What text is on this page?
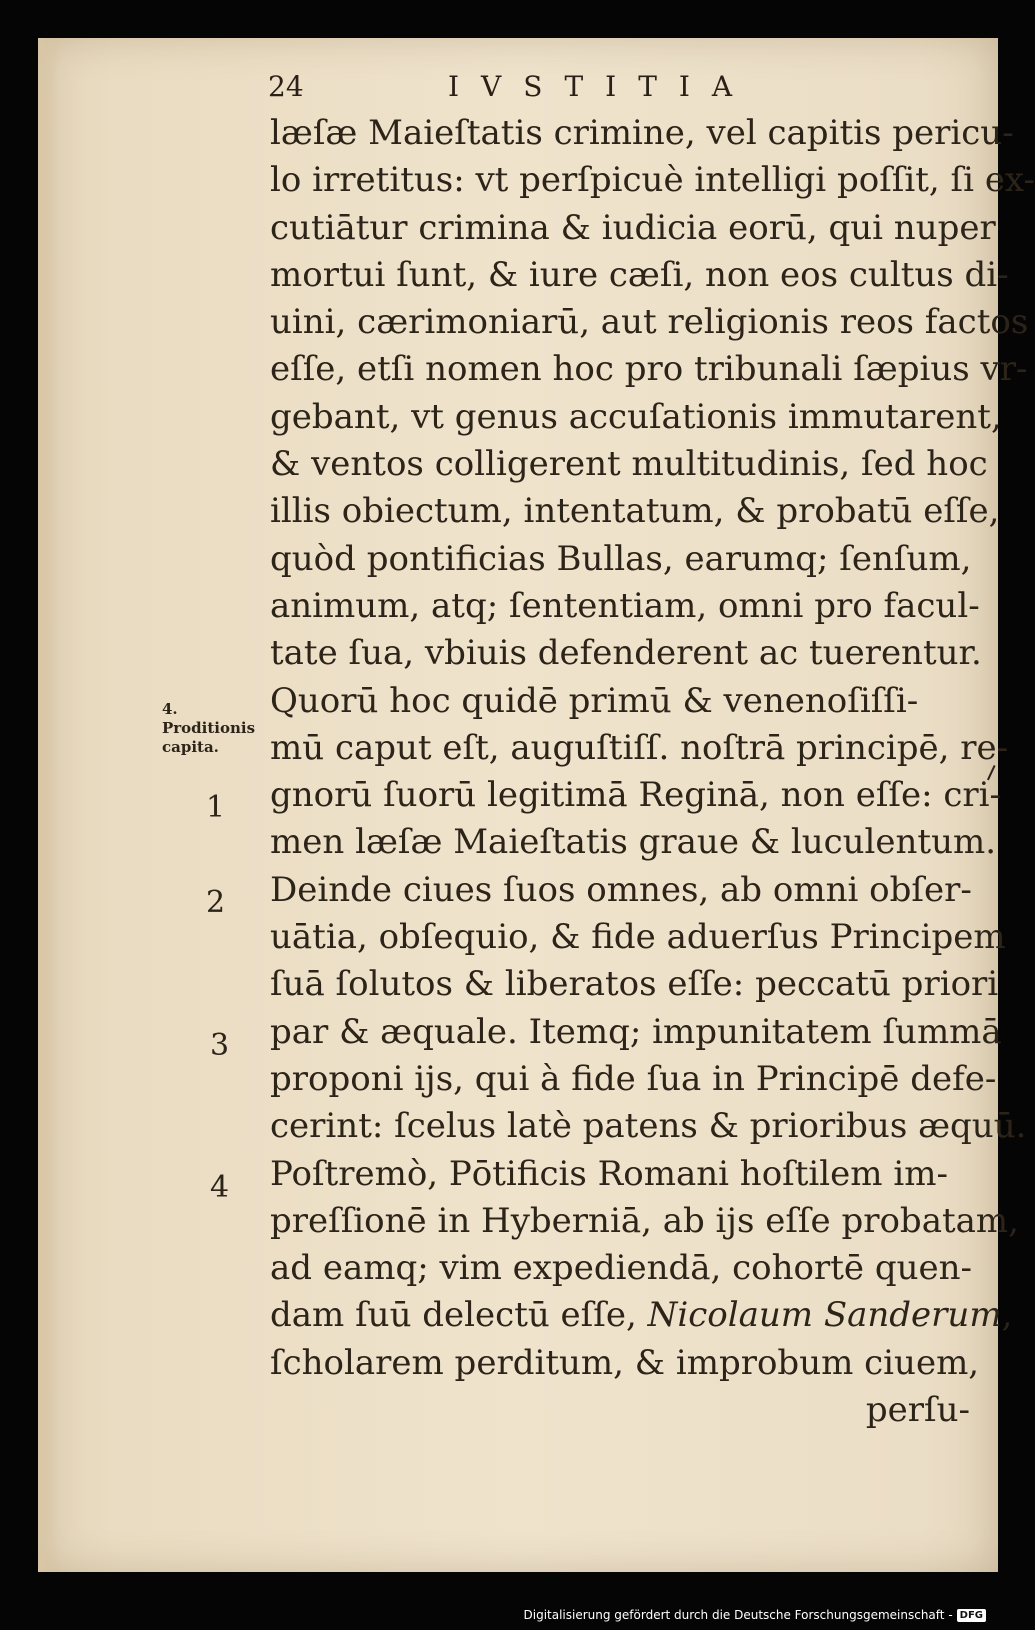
24	IVSTITIA
læſæ Maieſtatis crimine, vel capitis pericu-
lo irretitus: vt perſpicuè intelligi poſſit, ſi ex-
cutiātur crimina & iudicia eorū, qui nuper
mortui ſunt, & iure cæſi, non eos cultus di-
uini, cærimoniarū, aut religionis reos factos
eſſe, etſi nomen hoc pro tribunali ſæpius vr-
gebant, vt genus accuſationis immutarent,
& ventos colligerent multitudinis, ſed hoc
illis obiectum, intentatum, & probatū eſſe,
quòd pontificias Bullas, earumq; ſenſum,
animum, atq; ſententiam, omni pro facul-
tate ſua, vbiuis defenderent ac tuerentur.
Quorū hoc quidē primū & venenoſiſſi-
mū caput eſt, auguſtiſſ. noſtrā principē, re-
gnorū ſuorū legitimā Reginā, non eſſe: cri-
men læſæ Maieſtatis graue & luculentum.
Deinde ciues ſuos omnes, ab omni obſer-
uātia, obſequio, & fide aduerſus Principem
ſuā ſolutos & liberatos eſſe: peccatū priori
par & æquale. Itemq; impunitatem ſummā
proponi ijs, qui à fide ſua in Principē defe-
cerint: ſcelus latè patens & prioribus æquū.
Poſtremò, Pōtificis Romani hoſtilem im-
preſſionē in Hyberniā, ab ijs eſſe probatam,
ad eamq; vim expediendā, cohortē quen-
dam ſuū delectū eſſe, Nicolaum Sanderum,
ſcholarem perditum, & improbum ciuem,
perſu-
4. Proditionis capita.
1
2
3
4
Digitalisierung gefördert durch die Deutsche Forschungsgemeinschaft - DFG
